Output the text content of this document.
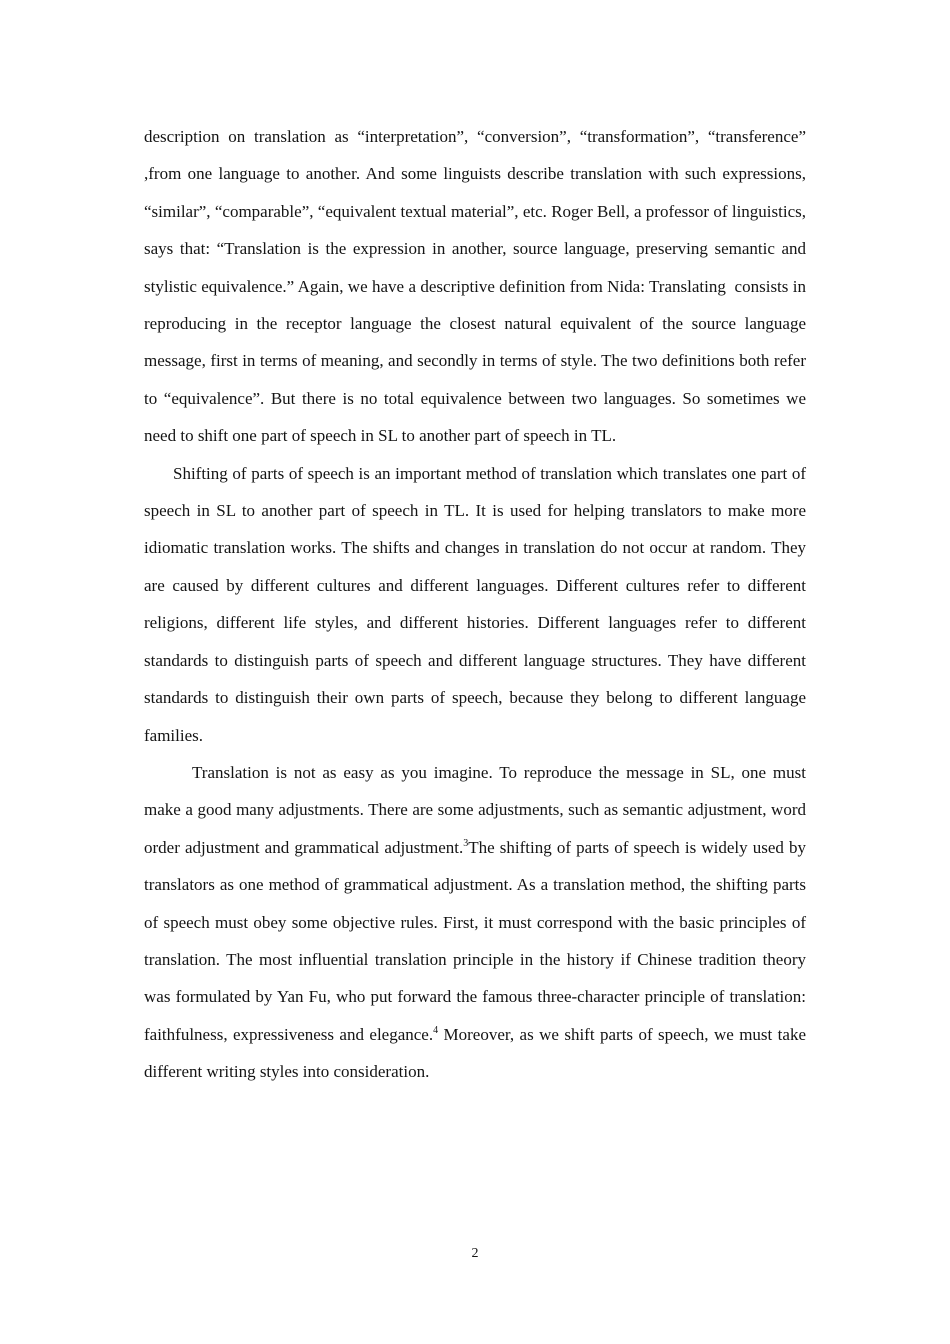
description on translation as “interpretation”, “conversion”, “transformation”, “transference” ,from one language to another. And some linguists describe translation with such expressions, “similar”, “comparable”, “equivalent textual material”, etc. Roger Bell, a professor of linguistics, says that: “Translation is the expression in another, source language, preserving semantic and stylistic equivalence.” Again, we have a descriptive definition from Nida: Translating  consists in reproducing in the receptor language the closest natural equivalent of the source language message, first in terms of meaning, and secondly in terms of style. The two definitions both refer to “equivalence”. But there is no total equivalence between two languages. So sometimes we need to shift one part of speech in SL to another part of speech in TL.

Shifting of parts of speech is an important method of translation which translates one part of speech in SL to another part of speech in TL. It is used for helping translators to make more idiomatic translation works. The shifts and changes in translation do not occur at random. They are caused by different cultures and different languages. Different cultures refer to different religions, different life styles, and different histories. Different languages refer to different standards to distinguish parts of speech and different language structures. They have different standards to distinguish their own parts of speech, because they belong to different language families.

Translation is not as easy as you imagine. To reproduce the message in SL, one must make a good many adjustments. There are some adjustments, such as semantic adjustment, word order adjustment and grammatical adjustment.$^3$The shifting of parts of speech is widely used by translators as one method of grammatical adjustment. As a translation method, the shifting parts of speech must obey some objective rules. First, it must correspond with the basic principles of translation. The most influential translation principle in the history if Chinese tradition theory was formulated by Yan Fu, who put forward the famous three-character principle of translation: faithfulness, expressiveness and elegance.$^4$ Moreover, as we shift parts of speech, we must take different writing styles into consideration.

2
